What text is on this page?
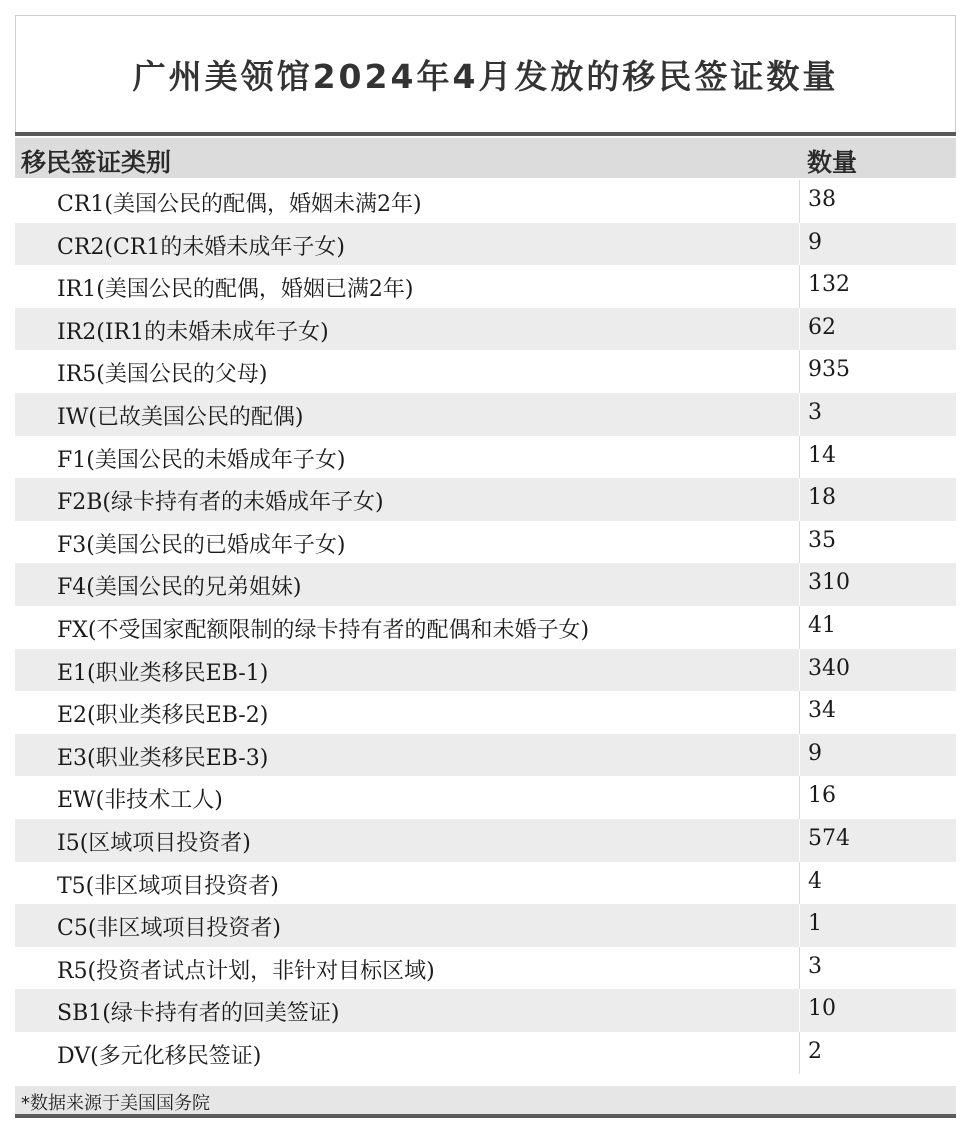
广州美领馆2024年4月发放的移民签证数量
移民签证类别	数量
CR1(美国公民的配偶，婚姻未满2年)	38
CR2(CR1的未婚未成年子女)	9
IR1(美国公民的配偶，婚姻已满2年)	132
IR2(IR1的未婚未成年子女)	62
IR5(美国公民的父母)	935
IW(已故美国公民的配偶)	3
F1(美国公民的未婚成年子女)	14
F2B(绿卡持有者的未婚成年子女)	18
F3(美国公民的已婚成年子女)	35
F4(美国公民的兄弟姐妹)	310
FX(不受国家配额限制的绿卡持有者的配偶和未婚子女)	41
E1(职业类移民EB-1)	340
E2(职业类移民EB-2)	34
E3(职业类移民EB-3)	9
EW(非技术工人)	16
I5(区域项目投资者)	574
T5(非区域项目投资者)	4
C5(非区域项目投资者)	1
R5(投资者试点计划，非针对目标区域)	3
SB1(绿卡持有者的回美签证)	10
DV(多元化移民签证)	2
*数据来源于美国国务院
